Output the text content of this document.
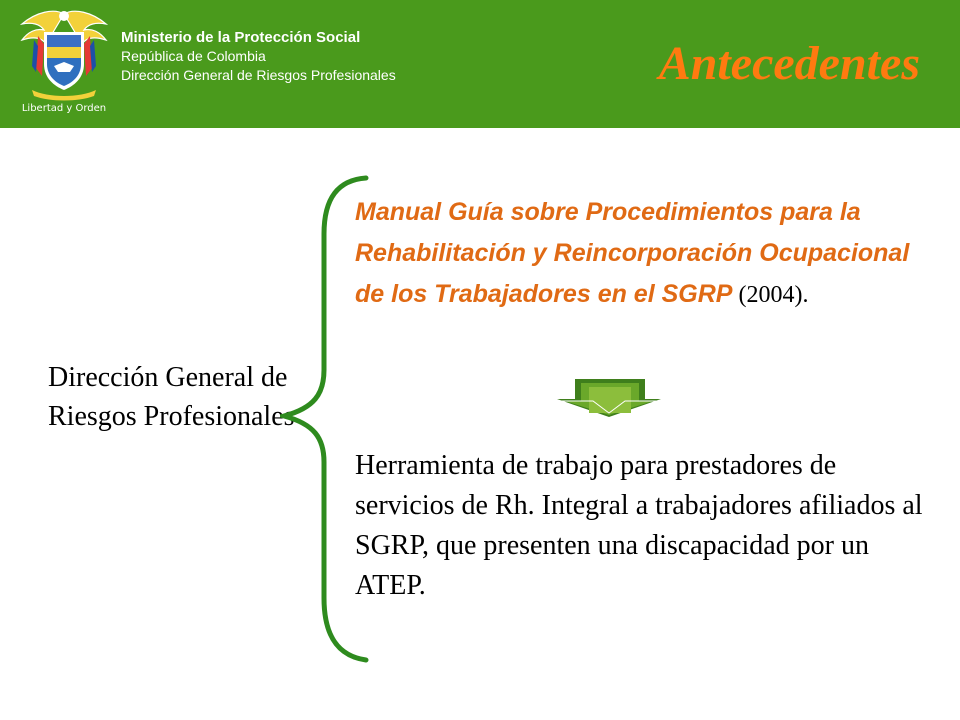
Libertad y Orden
Ministerio de la Protección Social
República de Colombia
Dirección General de Riesgos Profesionales	Antecedentes
Dirección General de Riesgos Profesionales
Manual Guía sobre Procedimientos para la Rehabilitación y Reincorporación Ocupacional de los Trabajadores en el SGRP (2004).
Herramienta de trabajo para prestadores de servicios de Rh. Integral a trabajadores afiliados al SGRP, que presenten una discapacidad por un ATEP.
